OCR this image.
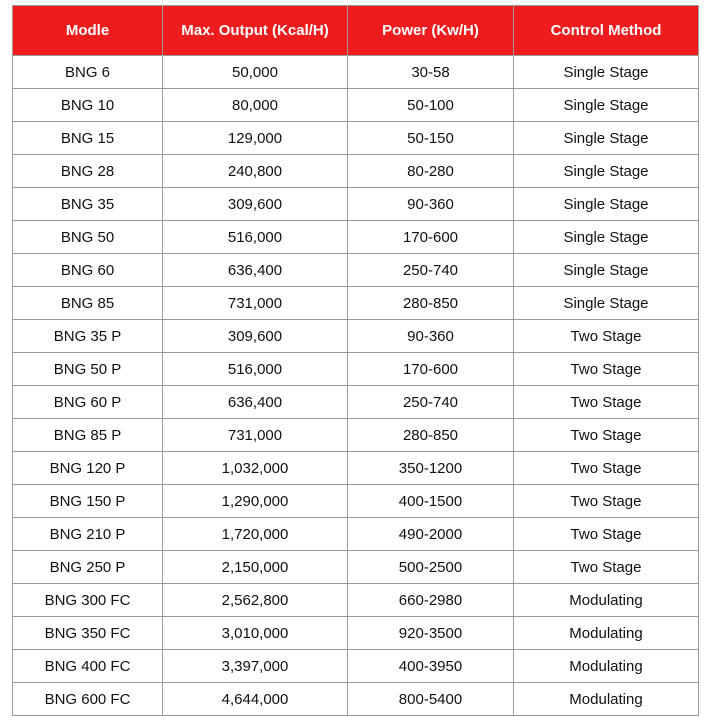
Modle	Max. Output (Kcal/H)	Power (Kw/H)	Control Method
BNG 6	50,000	30-58	Single Stage
BNG 10	80,000	50-100	Single Stage
BNG 15	129,000	50-150	Single Stage
BNG 28	240,800	80-280	Single Stage
BNG 35	309,600	90-360	Single Stage
BNG 50	516,000	170-600	Single Stage
BNG 60	636,400	250-740	Single Stage
BNG 85	731,000	280-850	Single Stage
BNG 35 P	309,600	90-360	Two Stage
BNG 50 P	516,000	170-600	Two Stage
BNG 60 P	636,400	250-740	Two Stage
BNG 85 P	731,000	280-850	Two Stage
BNG 120 P	1,032,000	350-1200	Two Stage
BNG 150 P	1,290,000	400-1500	Two Stage
BNG 210 P	1,720,000	490-2000	Two Stage
BNG 250 P	2,150,000	500-2500	Two Stage
BNG 300 FC	2,562,800	660-2980	Modulating
BNG 350 FC	3,010,000	920-3500	Modulating
BNG 400 FC	3,397,000	400-3950	Modulating
BNG 600 FC	4,644,000	800-5400	Modulating
